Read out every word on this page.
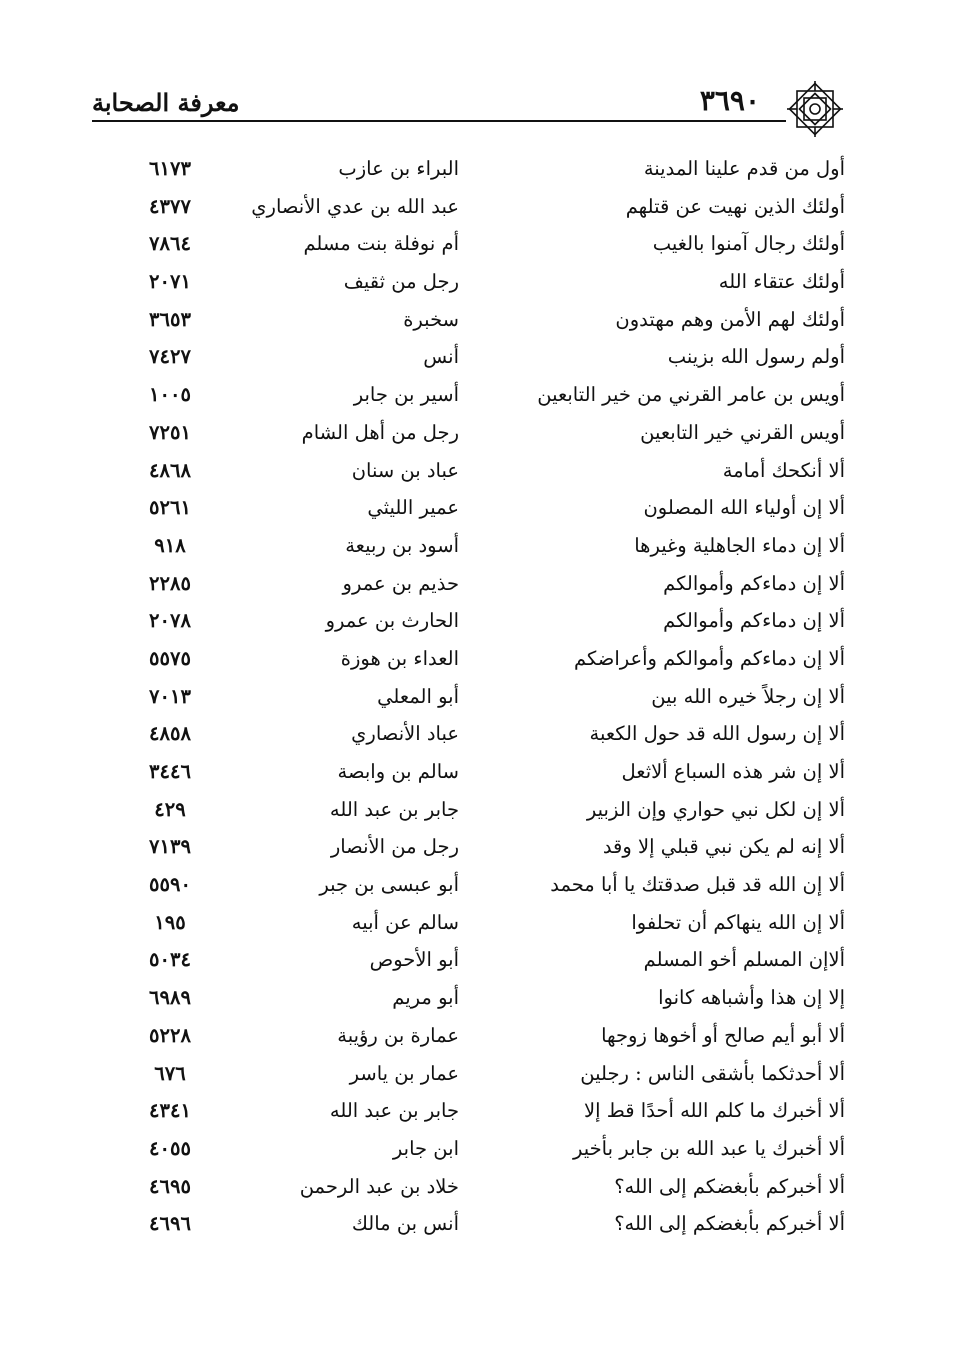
معرفة الصحابة	٣٦٩٠
أول من قدم علينا المدينة
البراء بن عازب
٦١٧٣
أولئك الذين نهيت عن قتلهم
عبد الله بن عدي الأنصاري
٤٣٧٧
أولئك رجال آمنوا بالغيب
أم نوفلة بنت مسلم
٧٨٦٤
أولئك عتقاء الله
رجل من ثقيف
٢٠٧١
أولئك لهم الأمن وهم مهتدون
سخبرة
٣٦٥٣
أولم رسول الله بزينب
أنس
٧٤٢٧
أويس بن عامر القرني من خير التابعين
أسير بن جابر
١٠٠٥
أويس القرني خير التابعين
رجل من أهل الشام
٧٢٥١
ألا أنكحك أمامة
عباد بن سنان
٤٨٦٨
ألا إن أولياء الله المصلون
عمير الليثي
٥٢٦١
ألا إن دماء الجاهلية وغيرها
أسود بن ربيعة
٩١٨
ألا إن دماءكم وأموالكم
حذيم بن عمرو
٢٢٨٥
ألا إن دماءكم وأموالكم
الحارث بن عمرو
٢٠٧٨
ألا إن دماءكم وأموالكم وأعراضكم
العداء بن هوزة
٥٥٧٥
ألا إن رجلاً خيره الله بين
أبو المعلي
٧٠١٣
ألا إن رسول الله قد حول الكعبة
عباد الأنصاري
٤٨٥٨
ألا إن شر هذه السباع ألاثعل
سالم بن وابصة
٣٤٤٦
ألا إن لكل نبي حواري وإن الزبير
جابر بن عبد الله
٤٢٩
ألا إنه لم يكن نبي قبلي إلا وقد
رجل من الأنصار
٧١٣٩
ألا إن الله قد قبل صدقتك يا أبا محمد
أبو عبسى بن جبر
٥٥٩٠
ألا إن الله ينهاكم أن تحلفوا
سالم عن أبيه
١٩٥
ألاإن المسلم أخو المسلم
أبو الأحوص
٥٠٣٤
إلا إن هذا وأشباهه كانوا
أبو مريم
٦٩٨٩
ألا أبو أيم صالح أو أخوها زوجها
عمارة بن رؤيبة
٥٢٢٨
ألا أحدثكما بأشقى الناس : رجلين
عمار بن ياسر
٦٧٦
ألا أخبرك ما كلم الله أحدًا قط إلا
جابر بن عبد الله
٤٣٤١
ألا أخبرك يا عبد الله بن جابر بأخير
ابن جابر
٤٠٥٥
ألا أخبركم بأبغضكم إلى الله؟
خلاد بن عبد الرحمن
٤٦٩٥
ألا أخبركم بأبغضكم إلى الله؟
أنس بن مالك
٤٦٩٦
